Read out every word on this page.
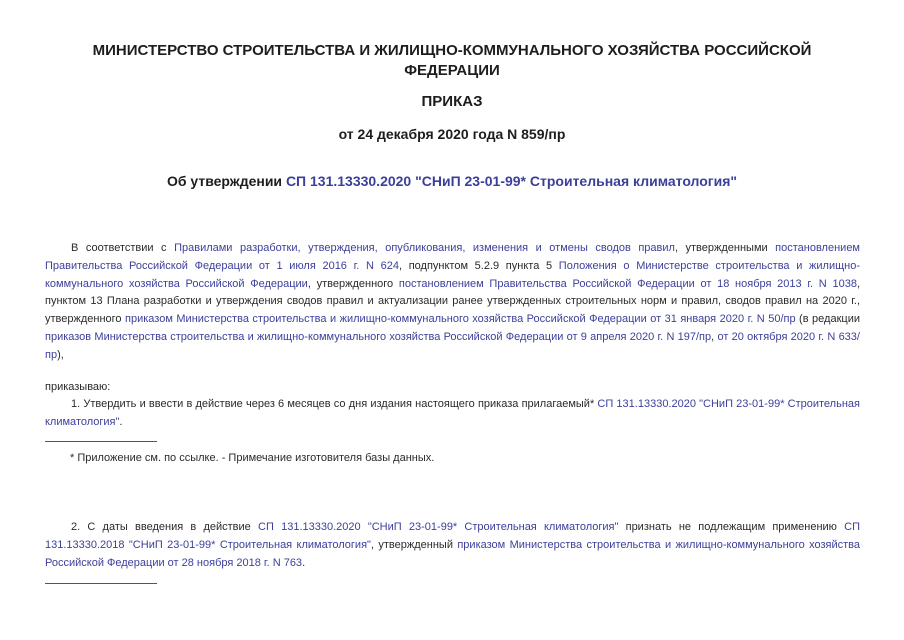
МИНИСТЕРСТВО СТРОИТЕЛЬСТВА И ЖИЛИЩНО-КОММУНАЛЬНОГО ХОЗЯЙСТВА РОССИЙСКОЙ ФЕДЕРАЦИИ
ПРИКАЗ
от 24 декабря 2020 года N 859/пр
Об утверждении СП 131.13330.2020 "СНиП 23-01-99* Строительная климатология"
В соответствии с Правилами разработки, утверждения, опубликования, изменения и отмены сводов правил, утвержденными постановлением Правительства Российской Федерации от 1 июля 2016 г. N 624, подпунктом 5.2.9 пункта 5 Положения о Министерстве строительства и жилищно-коммунального хозяйства Российской Федерации, утвержденного постановлением Правительства Российской Федерации от 18 ноября 2013 г. N 1038, пунктом 13 Плана разработки и утверждения сводов правил и актуализации ранее утвержденных строительных норм и правил, сводов правил на 2020 г., утвержденного приказом Министерства строительства и жилищно-коммунального хозяйства Российской Федерации от 31 января 2020 г. N 50/пр (в редакции приказов Министерства строительства и жилищно-коммунального хозяйства Российской Федерации от 9 апреля 2020 г. N 197/пр, от 20 октября 2020 г. N 633/пр),
приказываю:
1. Утвердить и ввести в действие через 6 месяцев со дня издания настоящего приказа прилагаемый* СП 131.13330.2020 "СНиП 23-01-99* Строительная климатология".
* Приложение см. по ссылке. - Примечание изготовителя базы данных.
2. С даты введения в действие СП 131.13330.2020 "СНиП 23-01-99* Строительная климатология" признать не подлежащим применению СП 131.13330.2018 "СНиП 23-01-99* Строительная климатология", утвержденный приказом Министерства строительства и жилищно-коммунального хозяйства Российской Федерации от 28 ноября 2018 г. N 763.
